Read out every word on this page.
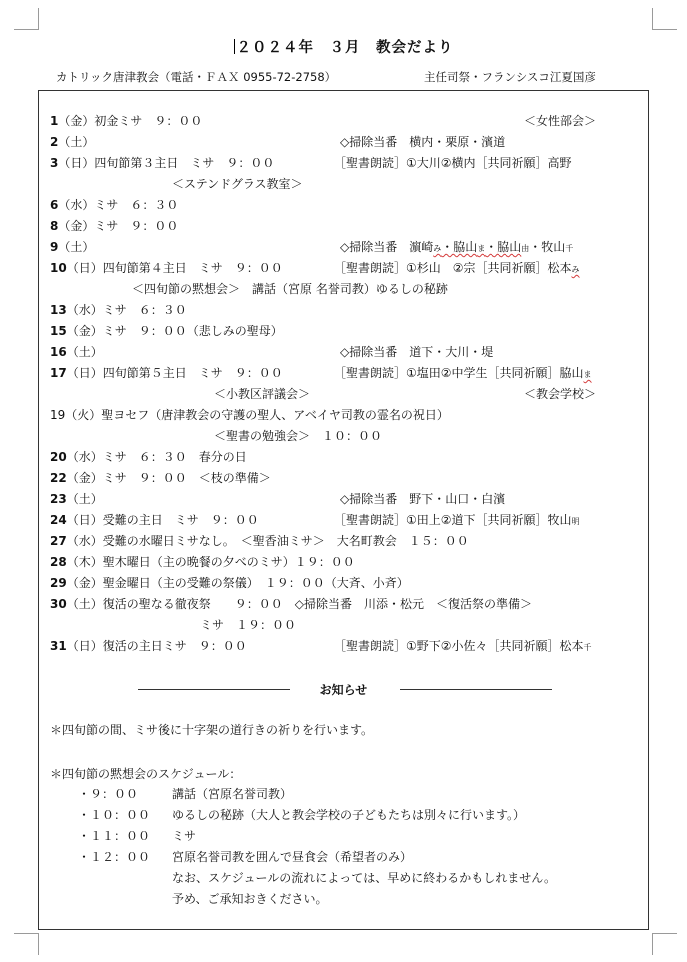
２０２４年　３月　教会だより
カトリック唐津教会（電話・ＦＡＸ 0955-72-2758）	主任司祭・フランシスコ江夏国彦
1（金）初金ミサ　９：００	＜女性部会＞
2（土）	◇掃除当番　横内・栗原・濱道
3（日）四旬節第３主日　ミサ　９：００	［聖書朗読］①大川②横内［共同祈願］高野
＜ステンドグラス教室＞
6（水）ミサ　６：３０
8（金）ミサ　９：００
9（土）	◇掃除当番　濵崎み・脇山ま・脇山由・牧山千
10（日）四旬節第４主日　ミサ　９：００	［聖書朗読］①杉山　②宗［共同祈願］松本み
＜四旬節の黙想会＞　講話（宮原 名誉司教）ゆるしの秘跡
13（水）ミサ　６：３０
15（金）ミサ　９：００（悲しみの聖母）
16（土）	◇掃除当番　道下・大川・堤
17（日）四旬節第５主日　ミサ　９：００	［聖書朗読］①塩田②中学生［共同祈願］脇山ま
＜小教区評議会＞	＜教会学校＞
19（火）聖ヨセフ（唐津教会の守護の聖人、アベイヤ司教の霊名の祝日）
＜聖書の勉強会＞　１０：００
20（水）ミサ　６：３０　春分の日
22（金）ミサ　９：００　＜枝の準備＞
23（土）	◇掃除当番　野下・山口・白濱
24（日）受難の主日　ミサ　９：００	［聖書朗読］①田上②道下［共同祈願］牧山明
27（水）受難の水曜日ミサなし。　＜聖香油ミサ＞　大名町教会　１５：００
28（木）聖木曜日（主の晩餐の夕べのミサ）１９：００
29（金）聖金曜日（主の受難の祭儀）　１９：００（大斉、小斉）
30（土）復活の聖なる徹夜祭　　９：００　◇掃除当番　川添・松元　＜復活祭の準備＞
ミサ　１９：００
31（日）復活の主日ミサ　９：００	［聖書朗読］①野下②小佐々［共同祈願］松本千
お知らせ
＊四旬節の間、ミサ後に十字架の道行きの祈りを行います。
＊四旬節の黙想会のスケジュール：
・９：００	講話（宮原名誉司教）
・１０：００ ゆるしの秘跡（大人と教会学校の子どもたちは別々に行います。）
・１１：００ ミサ
・１２：００ 宮原名誉司教を囲んで昼食会（希望者のみ）
なお、スケジュールの流れによっては、早めに終わるかもしれません。
予め、ご承知おきください。
